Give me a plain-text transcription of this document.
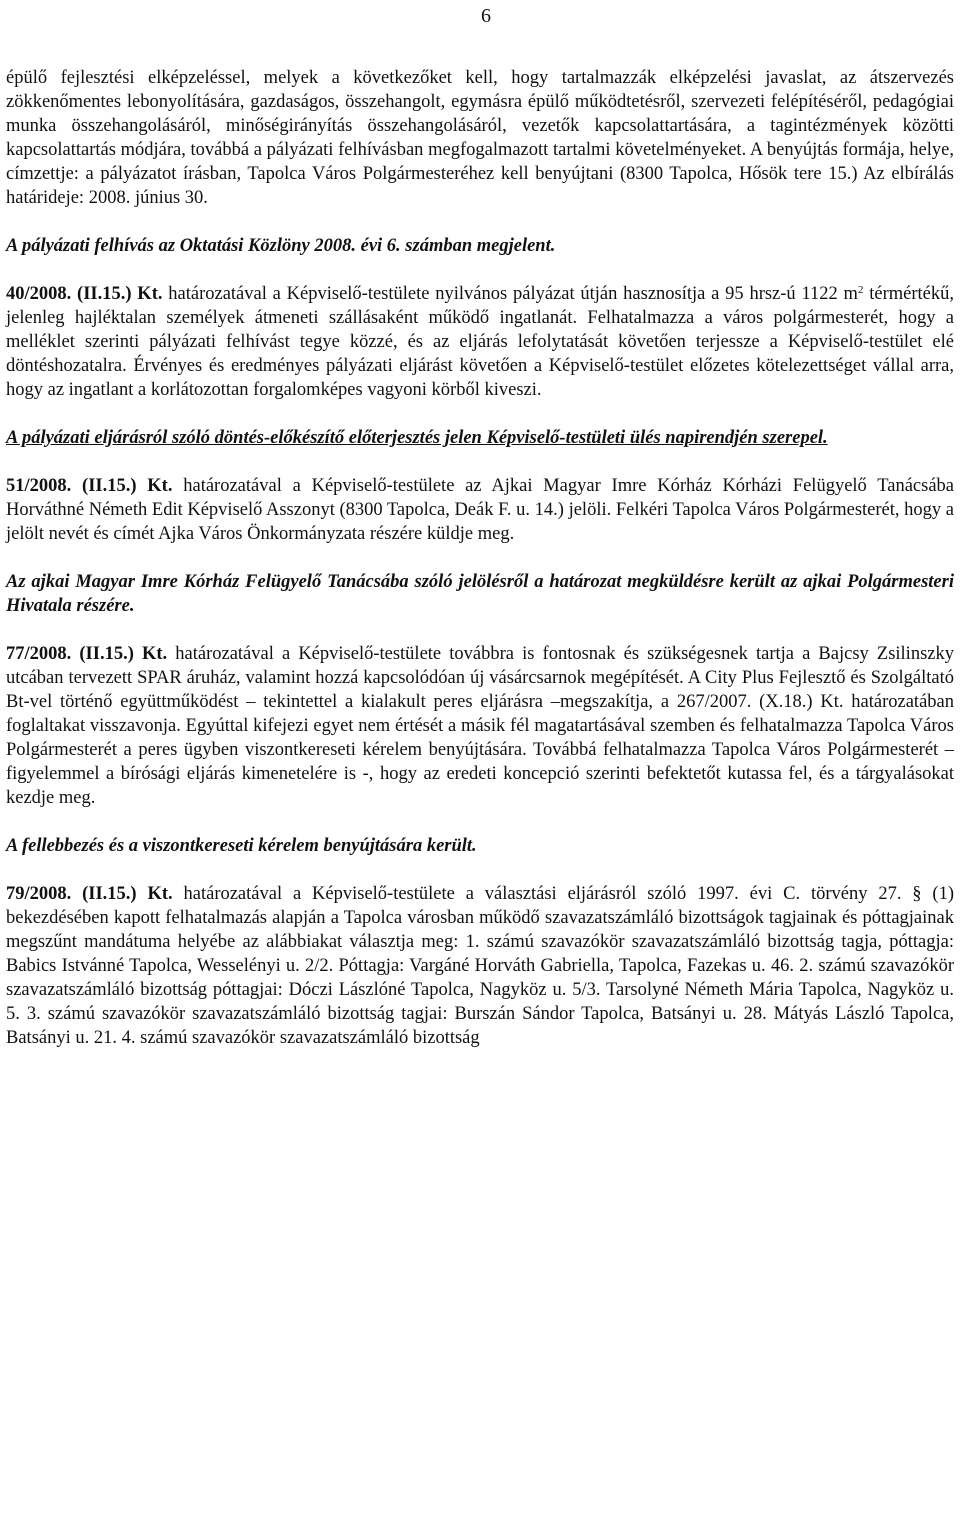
6

épülő fejlesztési elképzeléssel, melyek a következőket kell, hogy tartalmazzák elképzelési javaslat, az átszervezés zökkenőmentes lebonyolítására, gazdaságos, összehangolt, egymásra épülő működtetésről, szervezeti felépítéséről, pedagógiai munka összehangolásáról, minőségirányítás összehangolásáról, vezetők kapcsolattartására, a tagintézmények közötti kapcsolattartás módjára, továbbá a pályázati felhívásban megfogalmazott tartalmi követelményeket. A benyújtás formája, helye, címzettje: a pályázatot írásban, Tapolca Város Polgármesteréhez kell benyújtani (8300 Tapolca, Hősök tere 15.) Az elbírálás határideje: 2008. június 30.

A pályázati felhívás az Oktatási Közlöny 2008. évi 6. számban megjelent.

40/2008. (II.15.) Kt. határozatával a Képviselő-testülete nyilvános pályázat útján hasznosítja a 95 hrsz-ú 1122 $m^2$ térmértékű, jelenleg hajléktalan személyek átmeneti szállásaként működő ingatlanát. Felhatalmazza a város polgármesterét, hogy a melléklet szerinti pályázati felhívást tegye közzé, és az eljárás lefolytatását követően terjessze a Képviselő-testület elé döntéshozatalra. Érvényes és eredményes pályázati eljárást követően a Képviselő-testület előzetes kötelezettséget vállal arra, hogy az ingatlant a korlátozottan forgalomképes vagyoni körből kiveszi.

A pályázati eljárásról szóló döntés-előkészítő előterjesztés jelen Képviselő-testületi ülés napirendjén szerepel.

51/2008. (II.15.) Kt. határozatával a Képviselő-testülete az Ajkai Magyar Imre Kórház Kórházi Felügyelő Tanácsába Horváthné Németh Edit Képviselő Asszonyt (8300 Tapolca, Deák F. u. 14.) jelöli. Felkéri Tapolca Város Polgármesterét, hogy a jelölt nevét és címét Ajka Város Önkormányzata részére küldje meg.

Az ajkai Magyar Imre Kórház Felügyelő Tanácsába szóló jelölésről a határozat megküldésre került az ajkai Polgármesteri Hivatala részére.

77/2008. (II.15.) Kt. határozatával a Képviselő-testülete továbbra is fontosnak és szükségesnek tartja a Bajcsy Zsilinszky utcában tervezett SPAR áruház, valamint hozzá kapcsolódóan új vásárcsarnok megépítését. A City Plus Fejlesztő és Szolgáltató Bt-vel történő együttműködést – tekintettel a kialakult peres eljárásra –megszakítja, a 267/2007. (X.18.) Kt. határozatában foglaltakat visszavonja. Egyúttal kifejezi egyet nem értését a másik fél magatartásával szemben és felhatalmazza Tapolca Város Polgármesterét a peres ügyben viszontkereseti kérelem benyújtására. Továbbá felhatalmazza Tapolca Város Polgármesterét – figyelemmel a bírósági eljárás kimenetelére is -, hogy az eredeti koncepció szerinti befektetőt kutassa fel, és a tárgyalásokat kezdje meg.

A fellebbezés és a viszontkereseti kérelem benyújtására került.

79/2008. (II.15.) Kt. határozatával a Képviselő-testülete a választási eljárásról szóló 1997. évi C. törvény 27. § (1) bekezdésében kapott felhatalmazás alapján a Tapolca városban működő szavazatszámláló bizottságok tagjainak és póttagjainak megszűnt mandátuma helyébe az alábbiakat választja meg: 1. számú szavazókör szavazatszámláló bizottság tagja, póttagja: Babics Istvánné Tapolca, Wesselényi u. 2/2. Póttagja: Vargáné Horváth Gabriella, Tapolca, Fazekas u. 46. 2. számú szavazókör szavazatszámláló bizottság póttagjai: Dóczi Lászlóné Tapolca, Nagyköz u. 5/3. Tarsolyné Németh Mária Tapolca, Nagyköz u. 5. 3. számú szavazókör szavazatszámláló bizottság tagjai: Burszán Sándor Tapolca, Batsányi u. 28. Mátyás László Tapolca, Batsányi u. 21. 4. számú szavazókör szavazatszámláló bizottság
